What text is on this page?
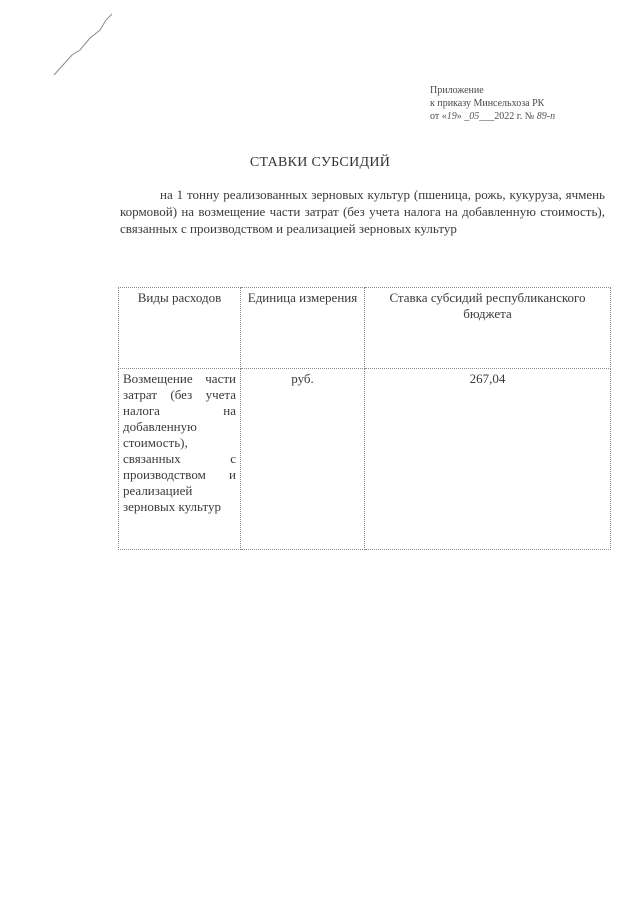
Приложение
к приказу Минсельхоза РК
от «19» _05___2022 г. № 89-п
СТАВКИ СУБСИДИЙ
на 1 тонну реализованных зерновых культур (пшеница, рожь, кукуруза, ячмень кормовой) на возмещение части затрат (без учета налога на добавленную стоимость), связанных с производством и реализацией зерновых культур
Виды расходов	Единица измерения	Ставка субсидий республиканского бюджета
Возмещение части затрат (без учета налога на добавленную стоимость), связанных с производством и реализацией зерновых культур	руб.	267,04
